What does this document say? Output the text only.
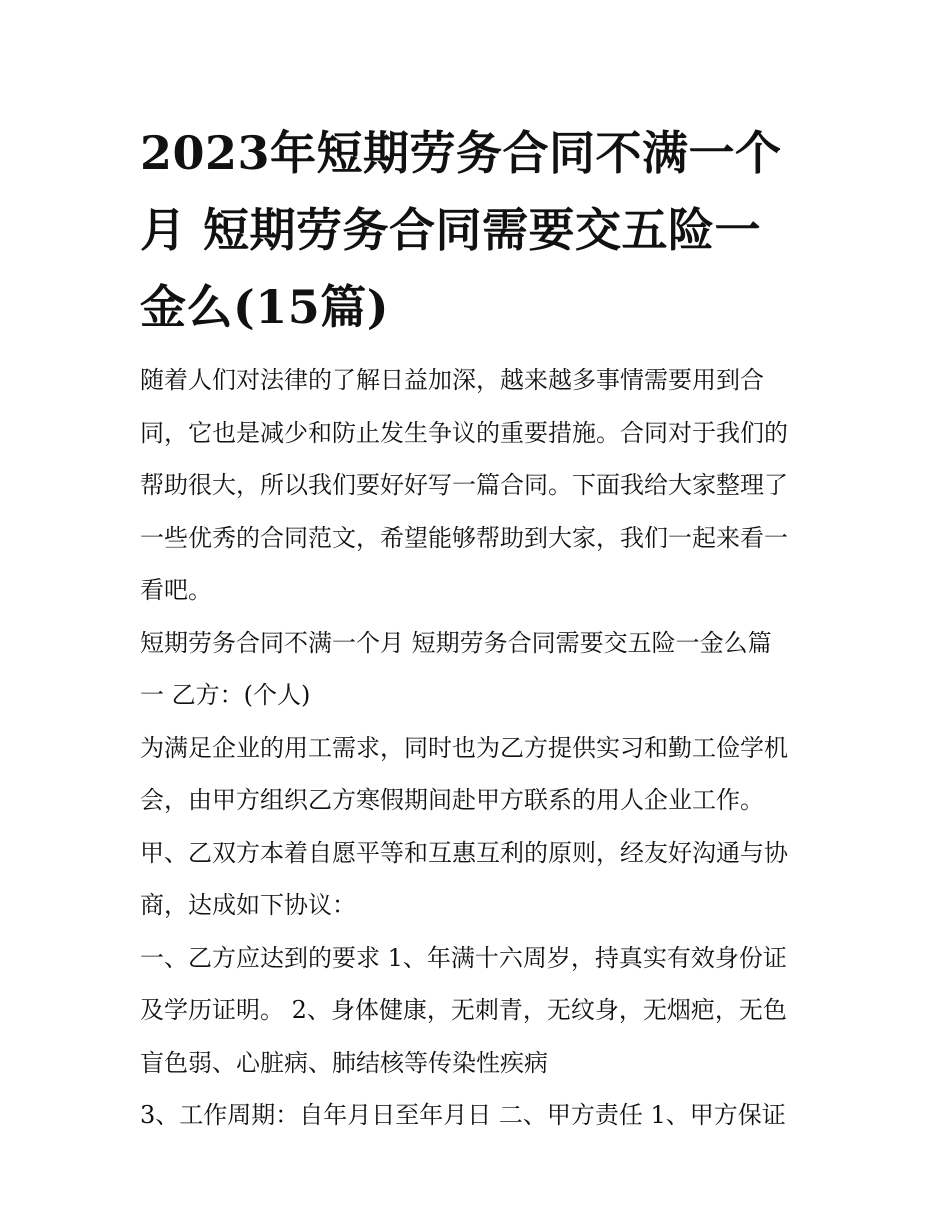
2023年短期劳务合同不满一个
月 短期劳务合同需要交五险一
金么(15篇)

随着人们对法律的了解日益加深，越来越多事情需要用到合
同，它也是减少和防止发生争议的重要措施。合同对于我们的
帮助很大，所以我们要好好写一篇合同。下面我给大家整理了
一些优秀的合同范文，希望能够帮助到大家，我们一起来看一
看吧。

短期劳务合同不满一个月 短期劳务合同需要交五险一金么篇
一 乙方：(个人)

为满足企业的用工需求，同时也为乙方提供实习和勤工俭学机
会，由甲方组织乙方寒假期间赴甲方联系的用人企业工作。

甲、乙双方本着自愿平等和互惠互利的原则，经友好沟通与协
商，达成如下协议：

一、乙方应达到的要求 1、年满十六周岁，持真实有效身份证
及学历证明。 2、身体健康，无刺青，无纹身，无烟疤，无色
盲色弱、心脏病、肺结核等传染性疾病

3、工作周期：自年月日至年月日 二、甲方责任 1、甲方保证
